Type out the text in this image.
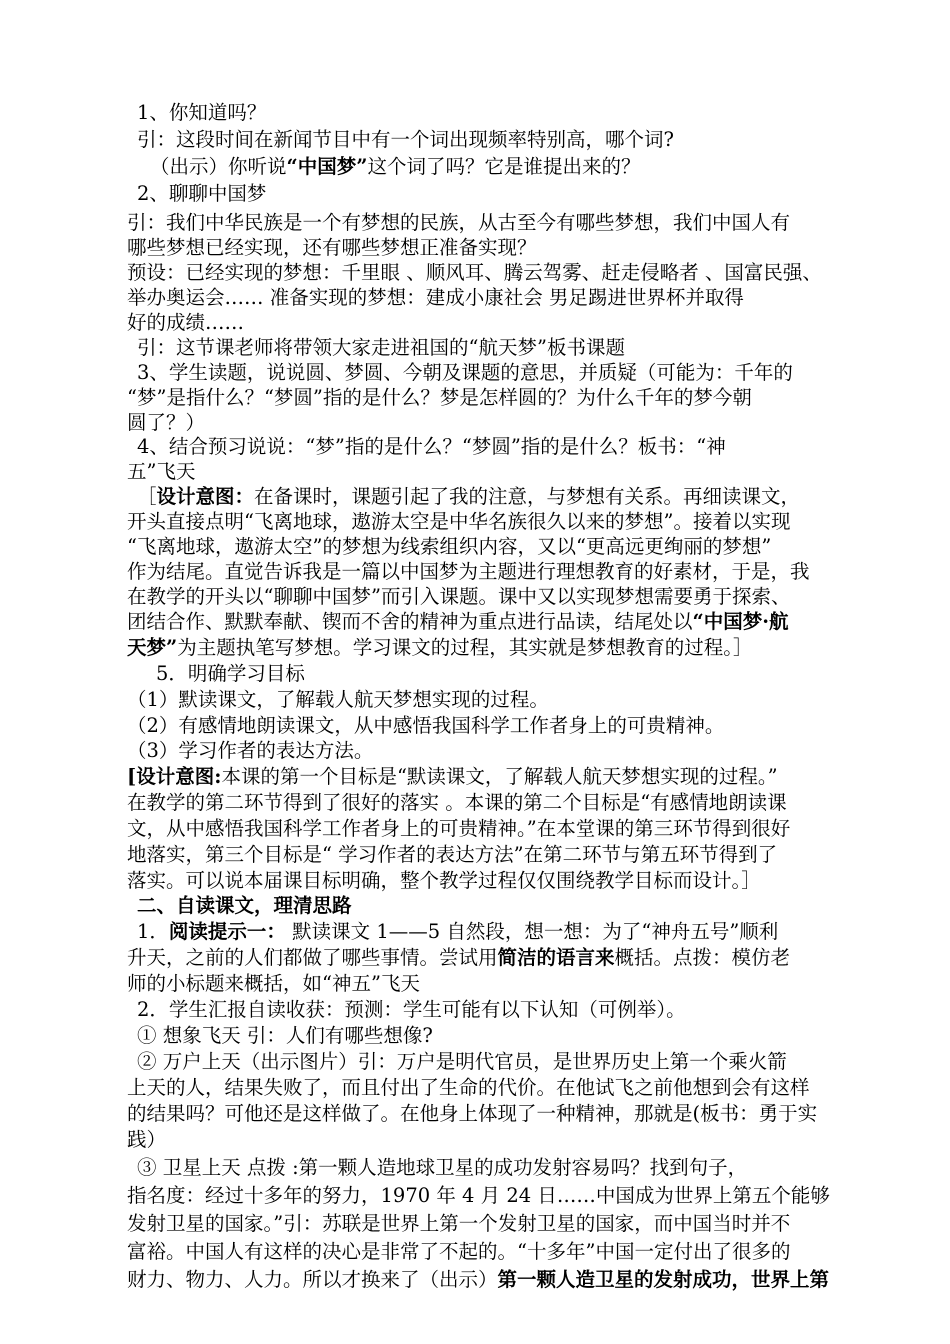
1、你知道吗？
引：这段时间在新闻节目中有一个词出现频率特别高，哪个词?
（出示）你听说“中国梦”这个词了吗？它是谁提出来的？
2、聊聊中国梦
引：我们中华民族是一个有梦想的民族，从古至今有哪些梦想，我们中国人有
哪些梦想已经实现，还有哪些梦想正准备实现？
预设：已经实现的梦想：千里眼 、顺风耳、腾云驾雾、赶走侵略者 、国富民强、
举办奥运会…… 准备实现的梦想：建成小康社会 男足踢进世界杯并取得
好的成绩……
引：这节课老师将带领大家走进祖国的“航天梦”板书课题
3、学生读题，说说圆、梦圆、今朝及课题的意思，并质疑（可能为：千年的
“梦”是指什么？“梦圆”指的是什么？梦是怎样圆的？为什么千年的梦今朝
圆了？）
4、结合预习说说：“梦”指的是什么？“梦圆”指的是什么？板书：“神
五”飞天
［设计意图：在备课时，课题引起了我的注意，与梦想有关系。再细读课文，
开头直接点明“飞离地球，遨游太空是中华名族很久以来的梦想”。接着以实现
“飞离地球，遨游太空”的梦想为线索组织内容，又以“更高远更绚丽的梦想”
作为结尾。直觉告诉我是一篇以中国梦为主题进行理想教育的好素材，于是，我
在教学的开头以“聊聊中国梦”而引入课题。课中又以实现梦想需要勇于探索、
团结合作、默默奉献、锲而不舍的精神为重点进行品读，结尾处以“中国梦·航
天梦”为主题执笔写梦想。学习课文的过程，其实就是梦想教育的过程。］
5．明确学习目标
（1）默读课文，了解载人航天梦想实现的过程。
（2）有感情地朗读课文，从中感悟我国科学工作者身上的可贵精神。
（3）学习作者的表达方法。
[设计意图:本课的第一个目标是“默读课文，了解载人航天梦想实现的过程。”
在教学的第二环节得到了很好的落实 。本课的第二个目标是“有感情地朗读课
文，从中感悟我国科学工作者身上的可贵精神。”在本堂课的第三环节得到很好
地落实，第三个目标是“ 学习作者的表达方法”在第二环节与第五环节得到了
落实。可以说本届课目标明确，整个教学过程仅仅围绕教学目标而设计。］
二、自读课文，理清思路
1．阅读提示一： 默读课文 1——5 自然段，想一想：为了“神舟五号”顺利
升天，之前的人们都做了哪些事情。尝试用简洁的语言来概括。点拨：模仿老
师的小标题来概括，如“神五”飞天
2．学生汇报自读收获：预测：学生可能有以下认知（可例举）。
① 想象飞天 引：人们有哪些想像?
② 万户上天（出示图片）引：万户是明代官员，是世界历史上第一个乘火箭
上天的人，结果失败了，而且付出了生命的代价。在他试飞之前他想到会有这样
的结果吗？可他还是这样做了。在他身上体现了一种精神，那就是(板书：勇于实
践）
③ 卫星上天 点拨 :第一颗人造地球卫星的成功发射容易吗？找到句子，
指名度：经过十多年的努力，1970 年 4 月 24 日……中国成为世界上第五个能够
发射卫星的国家。”引：苏联是世界上第一个发射卫星的国家，而中国当时并不
富裕。中国人有这样的决心是非常了不起的。“十多年”中国一定付出了很多的
财力、物力、人力。所以才换来了（出示）第一颗人造卫星的发射成功，世界上第
